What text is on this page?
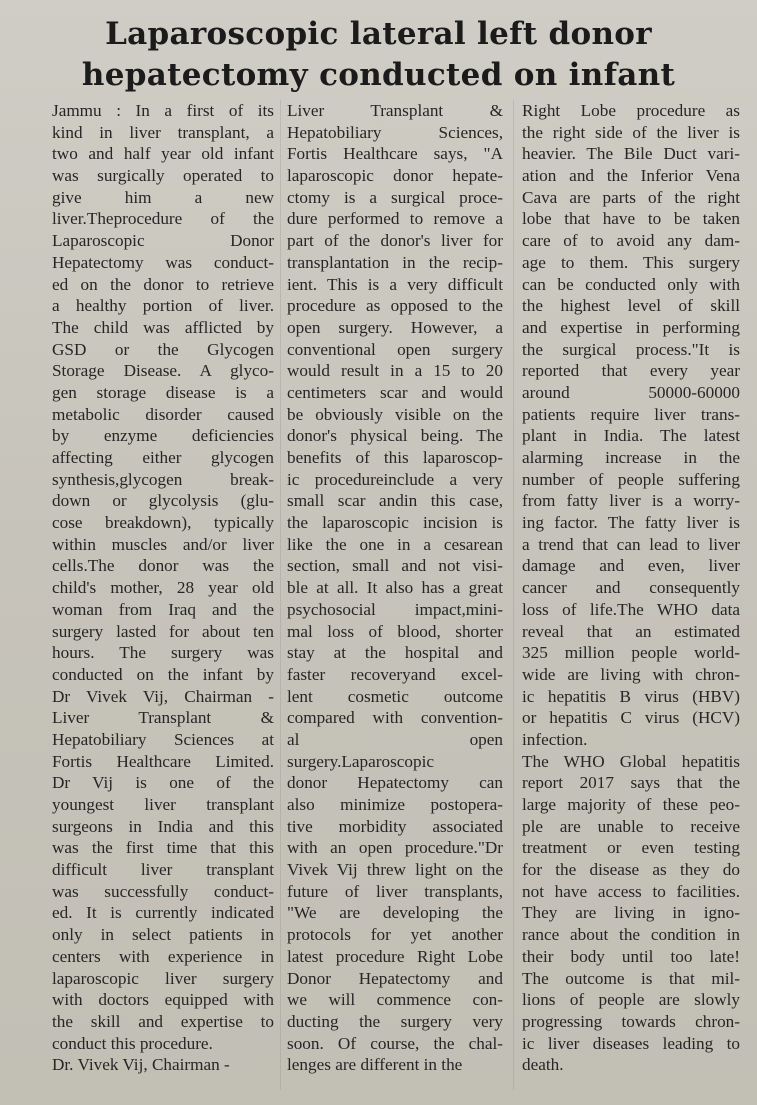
Laparoscopic lateral left donor
hepatectomy conducted on infant
Jammu : In a first of its
kind in liver transplant, a
two and half year old infant
was surgically operated to
give him a new
liver.Theprocedure of the
Laparoscopic Donor
Hepatectomy was conduct-
ed on the donor to retrieve
a healthy portion of liver.
The child was afflicted by
GSD or the Glycogen
Storage Disease. A glyco-
gen storage disease is a
metabolic disorder caused
by enzyme deficiencies
affecting either glycogen
synthesis,glycogen break-
down or glycolysis (glu-
cose breakdown), typically
within muscles and/or liver
cells.The donor was the
child's mother, 28 year old
woman from Iraq and the
surgery lasted for about ten
hours. The surgery was
conducted on the infant by
Dr Vivek Vij, Chairman -
Liver Transplant &
Hepatobiliary Sciences at
Fortis Healthcare Limited.
Dr Vij is one of the
youngest liver transplant
surgeons in India and this
was the first time that this
difficult liver transplant
was successfully conduct-
ed. It is currently indicated
only in select patients in
centers with experience in
laparoscopic liver surgery
with doctors equipped with
the skill and expertise to
conduct this procedure.
Dr. Vivek Vij, Chairman -
Liver Transplant &
Hepatobiliary Sciences,
Fortis Healthcare says, "A
laparoscopic donor hepate-
ctomy is a surgical proce-
dure performed to remove a
part of the donor's liver for
transplantation in the recip-
ient. This is a very difficult
procedure as opposed to the
open surgery. However, a
conventional open surgery
would result in a 15 to 20
centimeters scar and would
be obviously visible on the
donor's physical being. The
benefits of this laparoscop-
ic procedureinclude a very
small scar andin this case,
the laparoscopic incision is
like the one in a cesarean
section, small and not visi-
ble at all. It also has a great
psychosocial impact,mini-
mal loss of blood, shorter
stay at the hospital and
faster recoveryand excel-
lent cosmetic outcome
compared with convention-
al open
surgery.Laparoscopic
donor Hepatectomy can
also minimize postopera-
tive morbidity associated
with an open procedure."Dr
Vivek Vij threw light on the
future of liver transplants,
"We are developing the
protocols for yet another
latest procedure Right Lobe
Donor Hepatectomy and
we will commence con-
ducting the surgery very
soon. Of course, the chal-
lenges are different in the
Right Lobe procedure as
the right side of the liver is
heavier. The Bile Duct vari-
ation and the Inferior Vena
Cava are parts of the right
lobe that have to be taken
care of to avoid any dam-
age to them. This surgery
can be conducted only with
the highest level of skill
and expertise in performing
the surgical process."It is
reported that every year
around 50000-60000
patients require liver trans-
plant in India. The latest
alarming increase in the
number of people suffering
from fatty liver is a worry-
ing factor. The fatty liver is
a trend that can lead to liver
damage and even, liver
cancer and consequently
loss of life.The WHO data
reveal that an estimated
325 million people world-
wide are living with chron-
ic hepatitis B virus (HBV)
or hepatitis C virus (HCV)
infection.
The WHO Global hepatitis
report 2017 says that the
large majority of these peo-
ple are unable to receive
treatment or even testing
for the disease as they do
not have access to facilities.
They are living in igno-
rance about the condition in
their body until too late!
The outcome is that mil-
lions of people are slowly
progressing towards chron-
ic liver diseases leading to
death.
